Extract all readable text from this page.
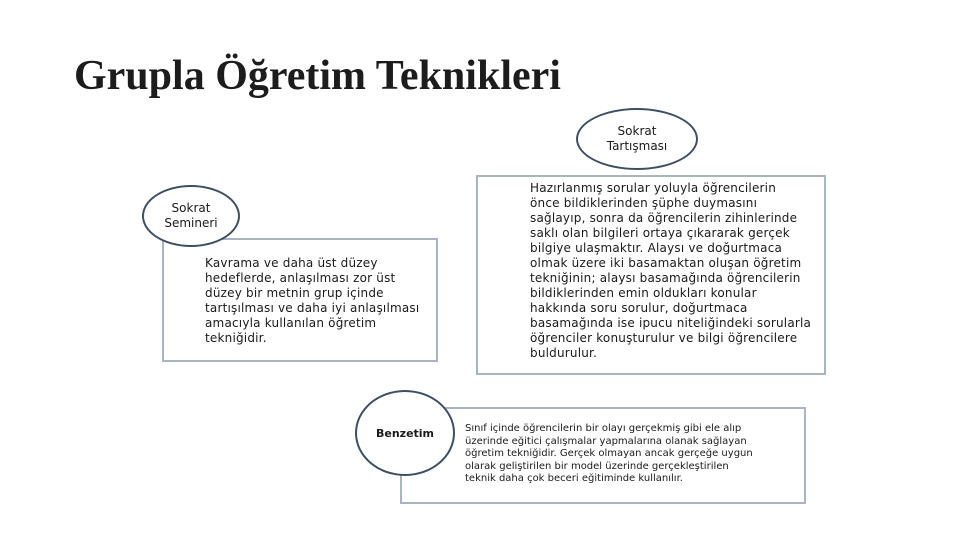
Grupla Öğretim Teknikleri
Kavrama ve daha üst düzey
hedeflerde, anlaşılması zor üst
düzey bir metnin grup içinde
tartışılması ve daha iyi anlaşılması
amacıyla kullanılan öğretim
tekniğidir.
Sokrat
Semineri
Hazırlanmış sorular yoluyla öğrencilerin
önce bildiklerinden şüphe duymasını
sağlayıp, sonra da öğrencilerin zihinlerinde
saklı olan bilgileri ortaya çıkararak gerçek
bilgiye ulaşmaktır. Alaysı ve doğurtmaca
olmak üzere iki basamaktan oluşan öğretim
tekniğinin; alaysı basamağında öğrencilerin
bildiklerinden emin oldukları konular
hakkında soru sorulur, doğurtmaca
basamağında ise ipucu niteliğindeki sorularla
öğrenciler konuşturulur ve bilgi öğrencilere
buldurulur.
Sokrat
Tartışması
Sınıf içinde öğrencilerin bir olayı gerçekmiş gibi ele alıp
üzerinde eğitici çalışmalar yapmalarına olanak sağlayan
öğretim tekniğidir. Gerçek olmayan ancak gerçeğe uygun
olarak geliştirilen bir model üzerinde gerçekleştirilen
teknik daha çok beceri eğitiminde kullanılır.
Benzetim
